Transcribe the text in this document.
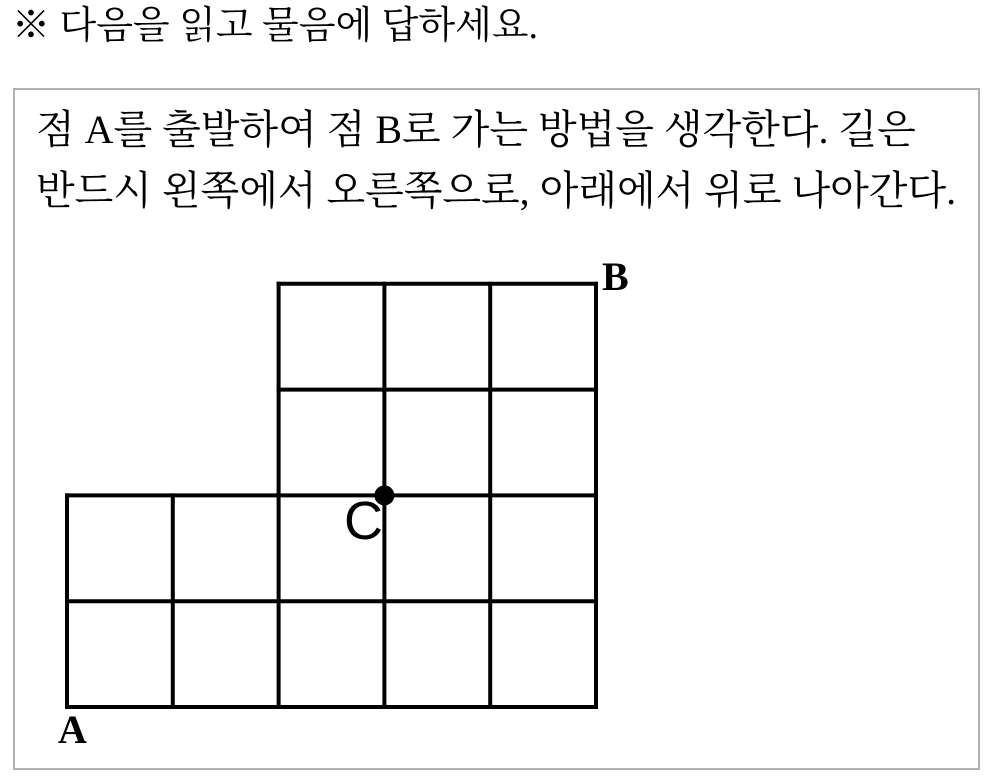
※ 다음을 읽고 물음에 답하세요.
점 A를 출발하여 점 B로 가는 방법을 생각한다. 길은
반드시 왼쪽에서 오른쪽으로, 아래에서 위로 나아간다.
A
B
C
